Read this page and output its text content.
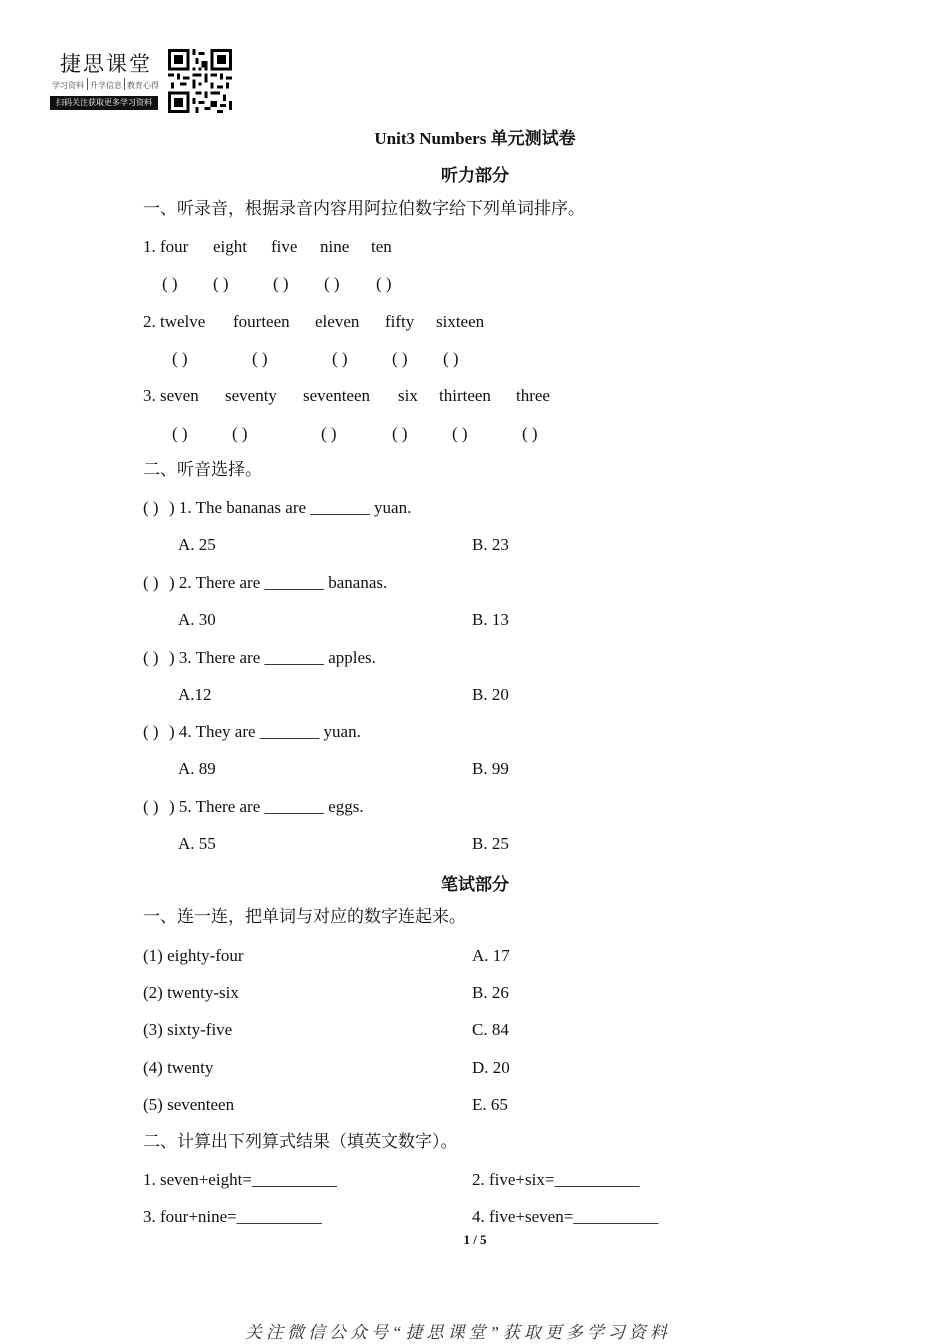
捷思课堂
学习资料 升学信息 教育心得
扫码关注获取更多学习资料
Unit3 Numbers 单元测试卷
听力部分
一、听录音，根据录音内容用阿拉伯数字给下列单词排序。
1. four eight five nine ten
( ) ( )	( ) ( ) ( )
2. twelve fourteen eleven fifty sixteen
( )	( )	( )	( ) ( )
3. seven seventy seventeen six thirteen three
( )	( )	( )	( )	( )	( )
二、听音选择。
( ) ) 1. The bananas are _______ yuan.
A. 25	B. 23
( ) ) 2. There are _______ bananas.
A. 30	B. 13
( ) ) 3. There are _______ apples.
A.12	B. 20
( ) ) 4. They are _______ yuan.
A. 89	B. 99
( ) ) 5. There are _______ eggs.
A. 55	B. 25
笔试部分
一、连一连，把单词与对应的数字连起来。
(1) eighty-four	A. 17
(2) twenty-six	B. 26
(3) sixty-five	C. 84
(4) twenty	D. 20
(5) seventeen	E. 65
二、计算出下列算式结果（填英文数字）。
1. seven+eight=__________	2. five+six=__________
3. four+nine=__________	4. five+seven=__________
1 / 5
关注微信公众号“捷思课堂”获取更多学习资料
